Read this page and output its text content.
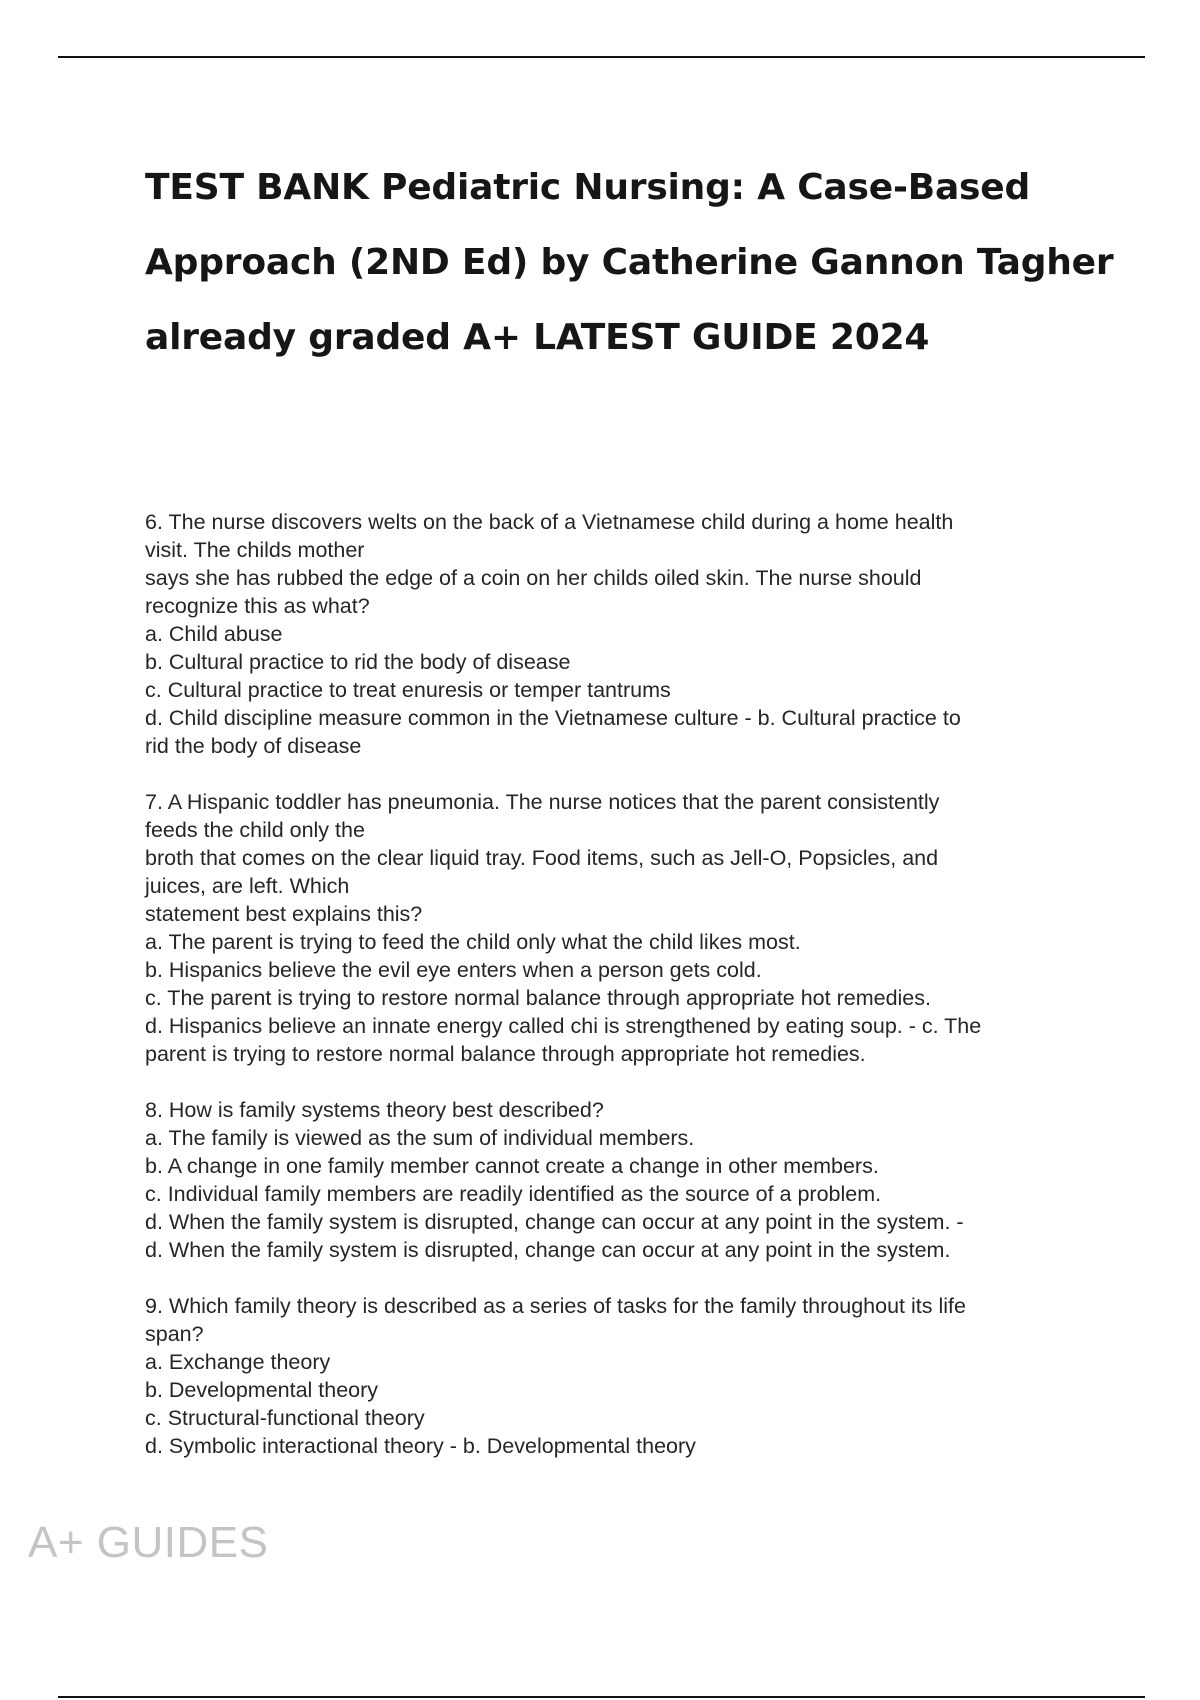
TEST BANK Pediatric Nursing: A Case-Based
Approach (2ND Ed) by Catherine Gannon Tagher
already graded A+ LATEST GUIDE 2024
6. The nurse discovers welts on the back of a Vietnamese child during a home health
visit. The childs mother
says she has rubbed the edge of a coin on her childs oiled skin. The nurse should
recognize this as what?
a. Child abuse
b. Cultural practice to rid the body of disease
c. Cultural practice to treat enuresis or temper tantrums
d. Child discipline measure common in the Vietnamese culture - b. Cultural practice to
rid the body of disease
7. A Hispanic toddler has pneumonia. The nurse notices that the parent consistently
feeds the child only the
broth that comes on the clear liquid tray. Food items, such as Jell-O, Popsicles, and
juices, are left. Which
statement best explains this?
a. The parent is trying to feed the child only what the child likes most.
b. Hispanics believe the evil eye enters when a person gets cold.
c. The parent is trying to restore normal balance through appropriate hot remedies.
d. Hispanics believe an innate energy called chi is strengthened by eating soup. - c. The
parent is trying to restore normal balance through appropriate hot remedies.
8. How is family systems theory best described?
a. The family is viewed as the sum of individual members.
b. A change in one family member cannot create a change in other members.
c. Individual family members are readily identified as the source of a problem.
d. When the family system is disrupted, change can occur at any point in the system. -
d. When the family system is disrupted, change can occur at any point in the system.
9. Which family theory is described as a series of tasks for the family throughout its life
span?
a. Exchange theory
b. Developmental theory
c. Structural-functional theory
d. Symbolic interactional theory - b. Developmental theory
A+ GUIDES
